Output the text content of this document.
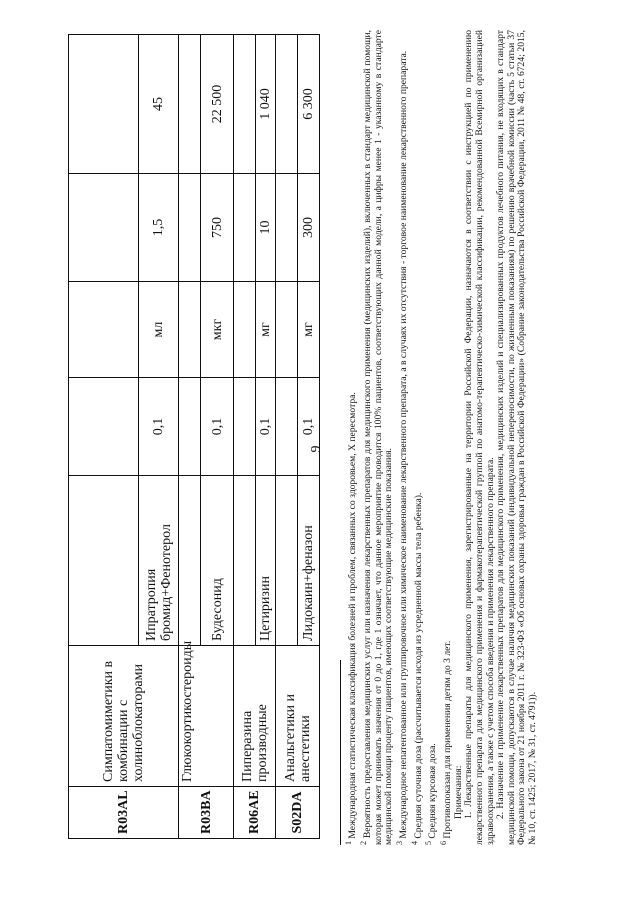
9
R03AL	Симпатомиметики в комбинации с холиноблокаторами					
		Ипратропия бромид+Фенотерол	0,1	мл	1,5	45
R03BA	Глюкокортикостероиды					
		Будесонид	0,1	мкг	750	22 500
R06AE	Пиперазина производные					
		Цетиризин	0,1	мг	10	1 040
S02DA	Анальгетики и анестетики					
		Лидокаин+феназон	0,1	мг	300	6 300

$^1$ Международная статистическая классификация болезней и проблем, связанных со здоровьем, X пересмотра.

$^2$ Вероятность предоставления медицинских услуг или назначения лекарственных препаратов для медицинского применения (медицинских изделий), включенных в стандарт медицинской помощи, которая может принимать значения от 0 до 1, где 1 означает, что данное мероприятие проводится 100% пациентов, соответствующих данной модели, а цифры менее 1 - указанному в стандарте медицинской помощи проценту пациентов, имеющих соответствующие медицинские показания. $^3$ Международное непатентованное или группировочное или химическое наименование лекарственного препарата, а в случаях их отсутствия - торговое наименование лекарственного препарата.

$^4$ Средняя суточная доза (рассчитывается исходя из усредненной массы тела ребенка).

$^5$ Средняя курсовая доза.

$^6$ Противопоказан для применения детям до 3 лет. Примечания: 1. Лекарственные препараты для медицинского применения, зарегистрированные на территории Российской Федерации, назначаются в соответствии с инструкцией по применению лекарственного препарата для медицинского применения и фармакотерапевтической группой по анатомо-терапевтическо-химической классификации, рекомендованной Всемирной организацией здравоохранения, а также с учетом способа введения и применения лекарственного препарата. 2. Назначение и применение лекарственных препаратов для медицинского применения, медицинских изделий и специализированных продуктов лечебного питания, не входящих в стандарт медицинской помощи, допускаются в случае наличия медицинских показаний (индивидуальной непереносимости, по жизненным показаниям) по решению врачебной комиссии (часть 5 статьи 37 Федерального закона от 21 ноября 2011 г. № 323-ФЗ «Об основах охраны здоровья граждан в Российской Федерации» (Собрание законодательства Российской Федерации, 2011 № 48, ст. 6724; 2015, № 10, ст. 1425; 2017, № 31, ст. 4791)).
